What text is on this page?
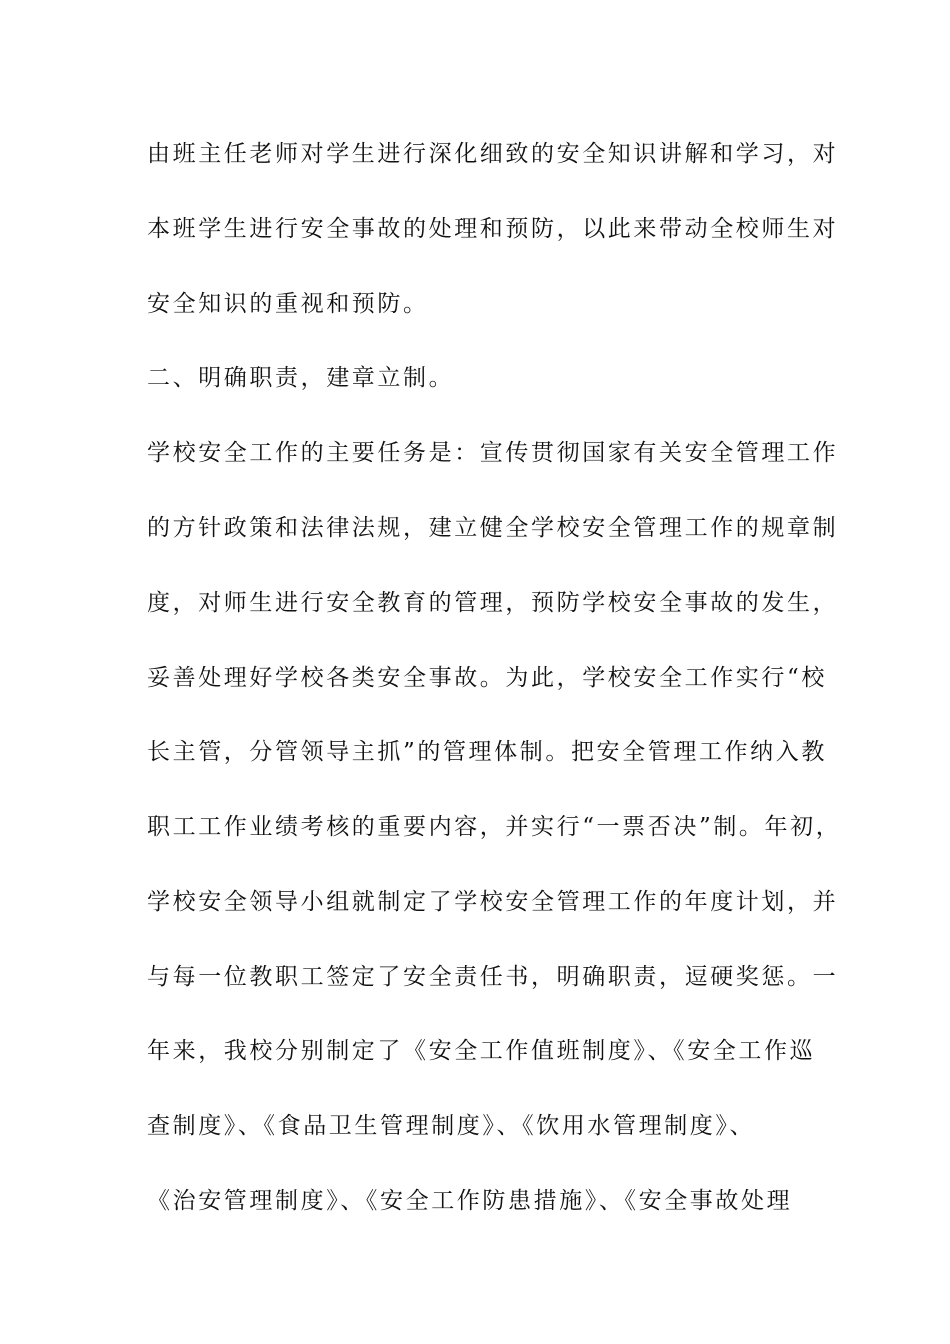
由班主任老师对学生进行深化细致的安全知识讲解和学习，对
本班学生进行安全事故的处理和预防，以此来带动全校师生对
安全知识的重视和预防。
二、明确职责，建章立制。
学校安全工作的主要任务是：宣传贯彻国家有关安全管理工作
的方针政策和法律法规，建立健全学校安全管理工作的规章制
度，对师生进行安全教育的管理，预防学校安全事故的发生，
妥善处理好学校各类安全事故。为此，学校安全工作实行“校
长主管，分管领导主抓”的管理体制。把安全管理工作纳入教
职工工作业绩考核的重要内容，并实行“一票否决”制。年初，
学校安全领导小组就制定了学校安全管理工作的年度计划，并
与每一位教职工签定了安全责任书，明确职责，逗硬奖惩。一
年来，我校分别制定了《安全工作值班制度》、《安全工作巡
查制度》、《食品卫生管理制度》、《饮用水管理制度》、
《治安管理制度》、《安全工作防患措施》、《安全事故处理
